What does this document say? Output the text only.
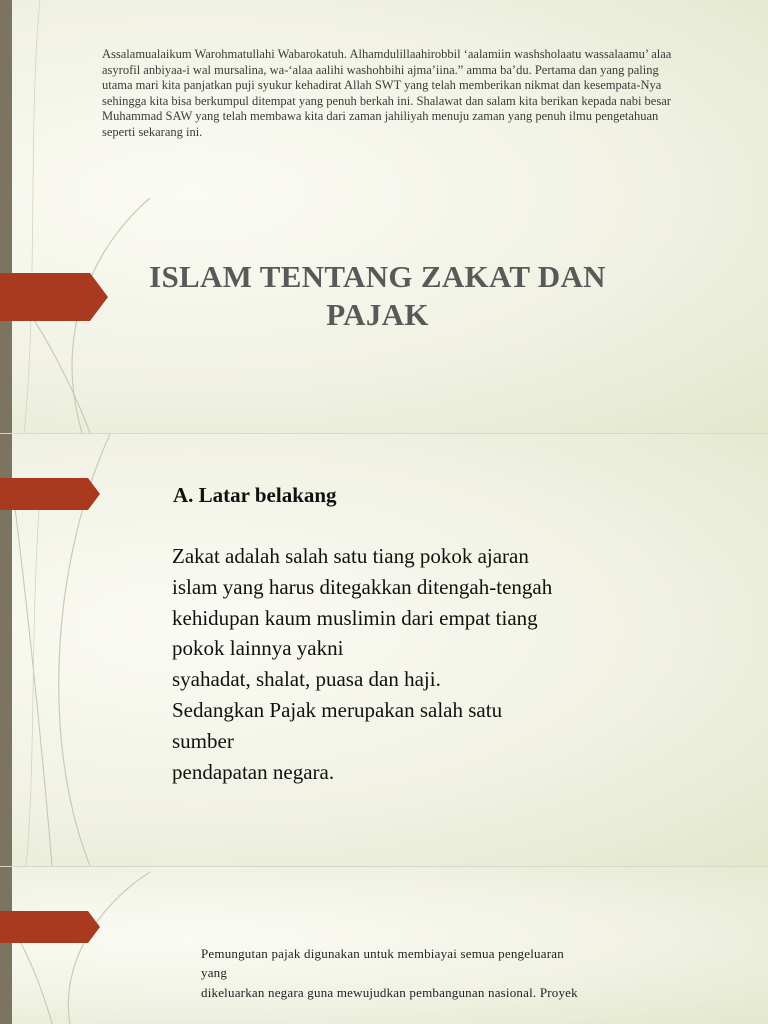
Assalamualaikum Warohmatullahi Wabarokatuh. Alhamdulillaahirobbil ‘aalamiin washsholaatu wassalaamu’ alaa asyrofil anbiyaa-i wal mursalina, wa-‘alaa aalihi washohbihi ajma’iina.” amma ba’du. Pertama dan yang paling utama mari kita panjatkan puji syukur kehadirat Allah SWT yang telah memberikan nikmat dan kesempata-Nya sehingga kita bisa berkumpul ditempat yang penuh berkah ini. Shalawat dan salam kita berikan kepada nabi besar Muhammad SAW yang telah membawa kita dari zaman jahiliyah menuju zaman yang penuh ilmu pengetahuan seperti sekarang ini.
ISLAM TENTANG ZAKAT DAN PAJAK
A. Latar belakang
Zakat adalah salah satu tiang pokok ajaran islam yang harus ditegakkan ditengah-tengah kehidupan kaum muslimin dari empat tiang pokok lainnya yakni
syahadat, shalat, puasa dan haji.
Sedangkan Pajak merupakan salah satu sumber
pendapatan negara.
Pemungutan pajak digunakan untuk membiayai semua pengeluaran yang
dikeluarkan negara guna mewujudkan pembangunan nasional. Proyek
